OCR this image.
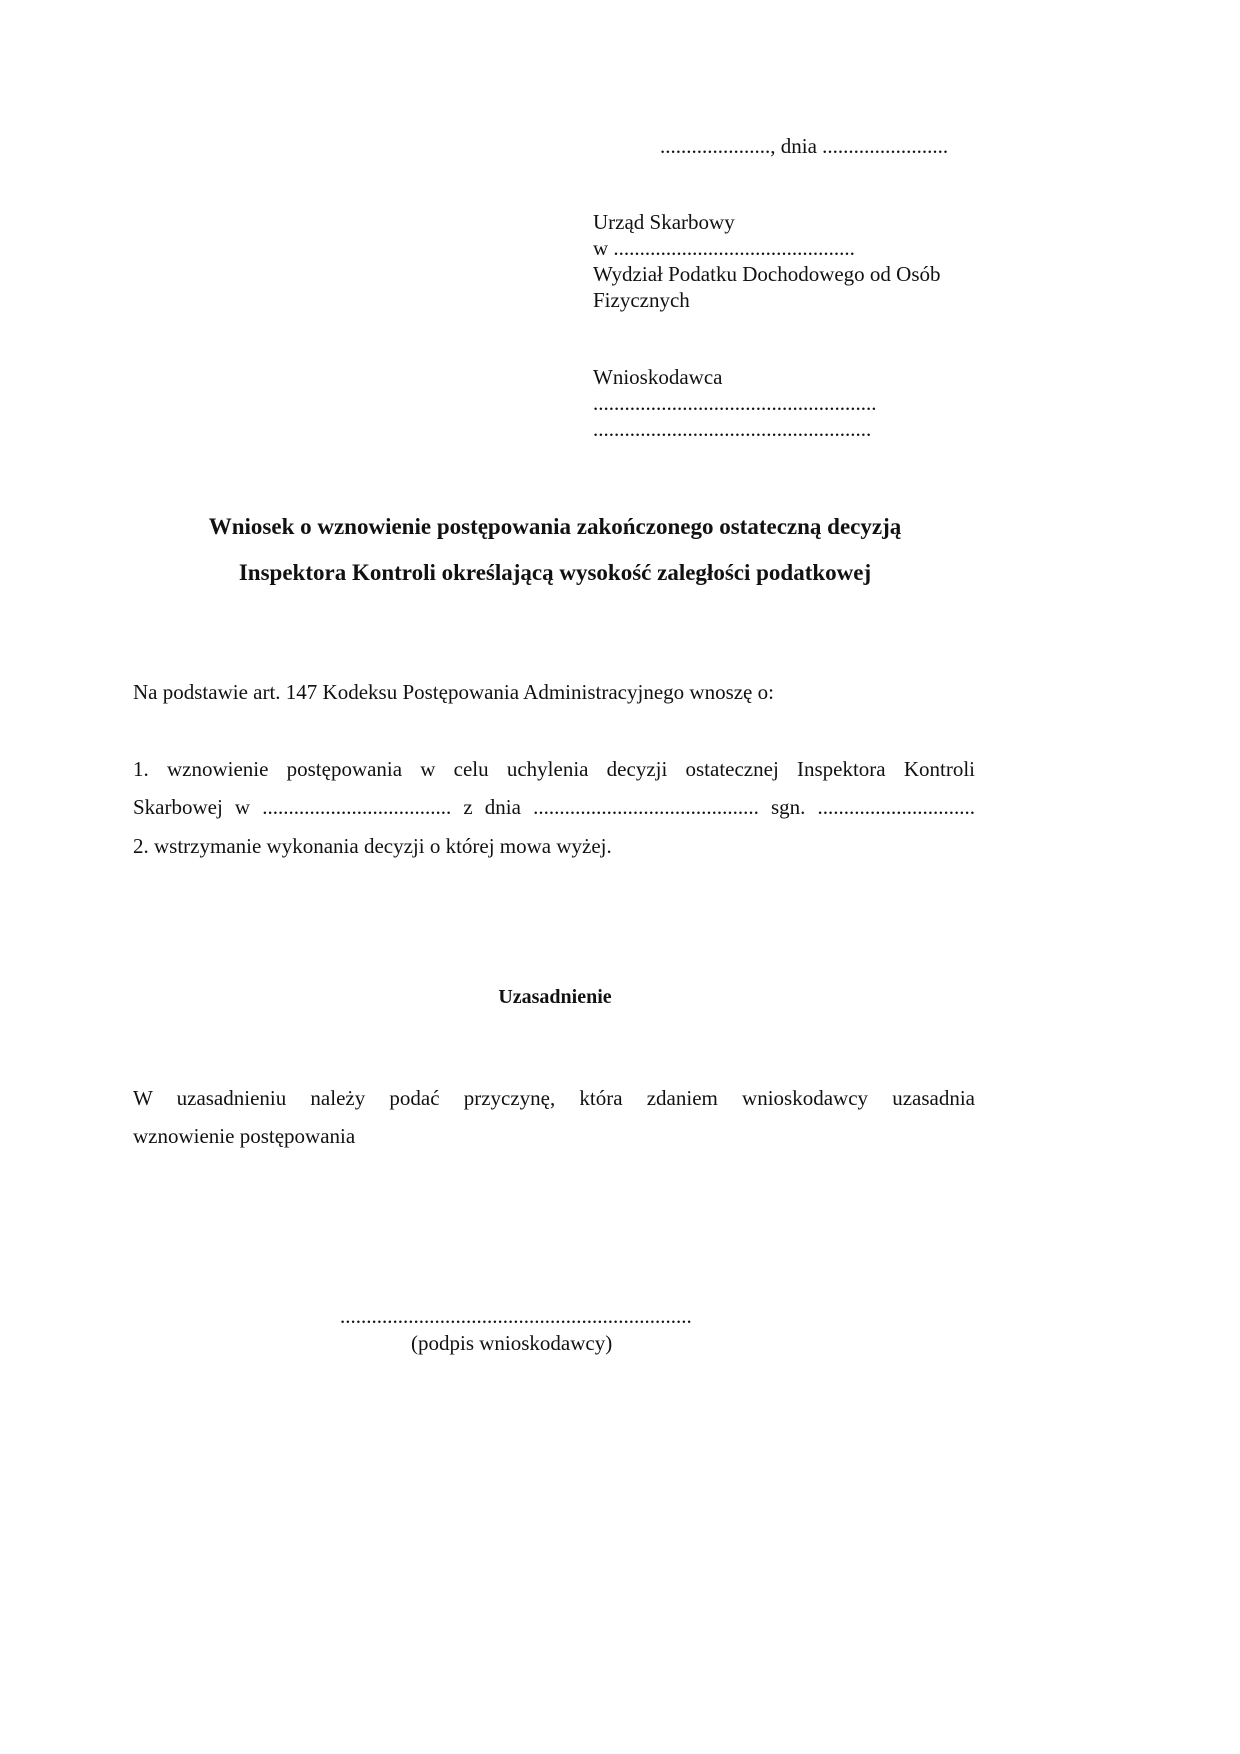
....................., dnia ........................
Urząd Skarbowy
w ..............................................
Wydział Podatku Dochodowego od Osób
Fizycznych
Wnioskodawca
......................................................
.....................................................
Wniosek o wznowienie postępowania zakończonego ostateczną decyzją
Inspektora Kontroli określającą wysokość zaległości podatkowej
Na podstawie art. 147 Kodeksu Postępowania Administracyjnego wnoszę o:
1. wznowienie postępowania w celu uchylenia decyzji ostatecznej Inspektora Kontroli
Skarbowej w .................................... z dnia ........................................... sgn. ..............................
2. wstrzymanie wykonania decyzji o której mowa wyżej.
Uzasadnienie
W uzasadnieniu należy podać przyczynę, która zdaniem wnioskodawcy uzasadnia
wznowienie postępowania
...................................................................
(podpis wnioskodawcy)
